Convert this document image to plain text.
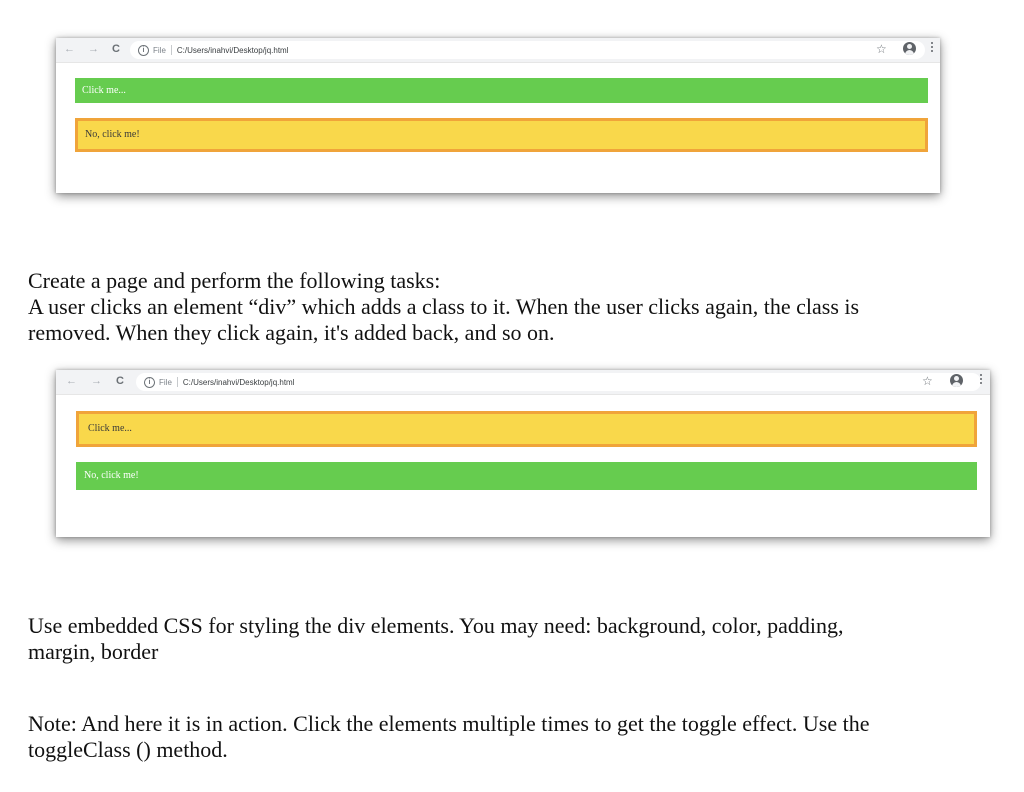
← → C	i	File C:/Users/inahvi/Desktop/jq.html	☆
Click me...
No, click me!

Create a page and perform the following tasks:

A user clicks an element “div” which adds a class to it. When the user clicks again, the class is removed. When they click again, it's added back, and so on.

← → C	i	File C:/Users/inahvi/Desktop/jq.html	☆
Click me...
No, click me!

Use embedded CSS for styling the div elements. You may need: background, color, padding, margin, border

Note: And here it is in action. Click the elements multiple times to get the toggle effect. Use the toggleClass () method.
